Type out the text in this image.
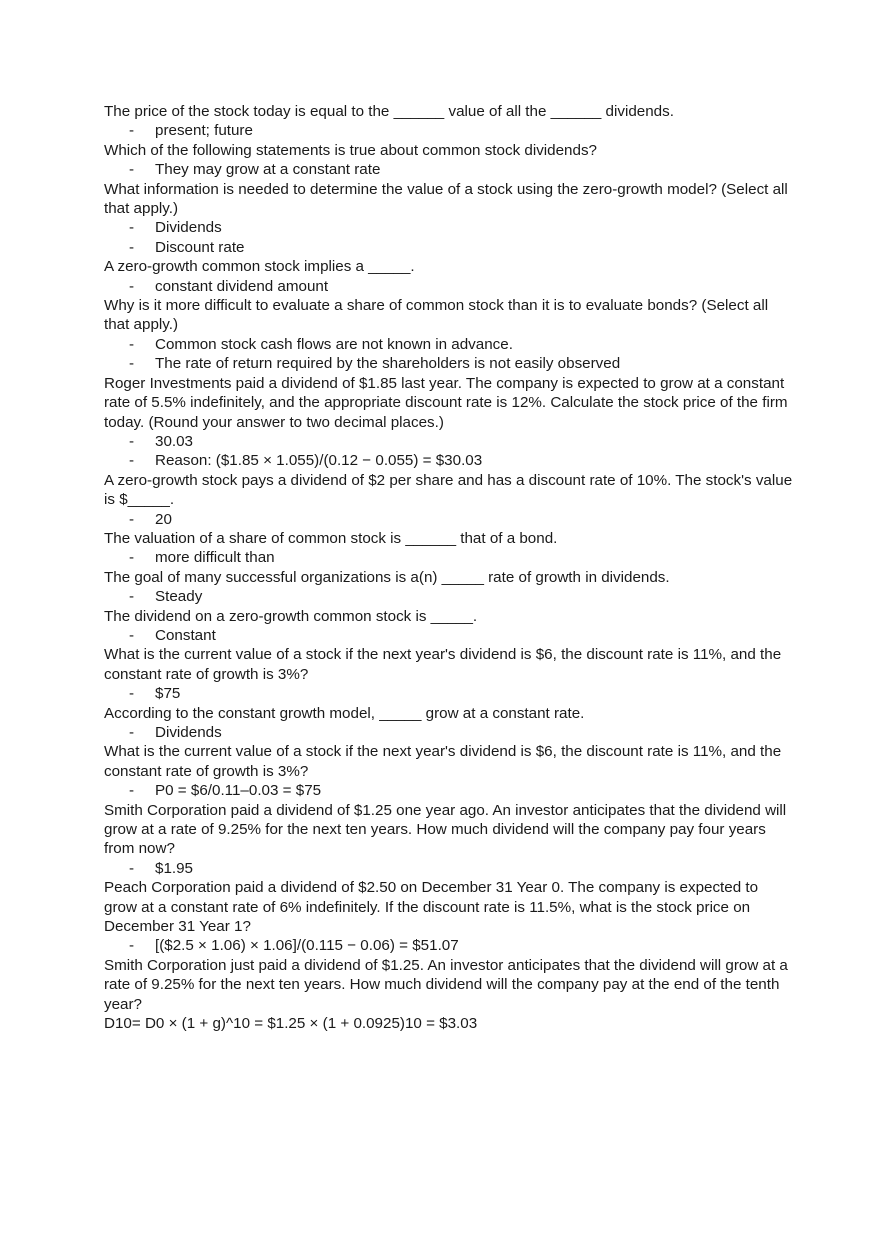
The price of the stock today is equal to the ______ value of all the ______ dividends.

- present; future

Which of the following statements is true about common stock dividends?

- They may grow at a constant rate

What information is needed to determine the value of a stock using the zero-growth model? (Select all that apply.)

- Dividends
- Discount rate

A zero-growth common stock implies a _____.

- constant dividend amount

Why is it more difficult to evaluate a share of common stock than it is to evaluate bonds? (Select all that apply.)

- Common stock cash flows are not known in advance.
- The rate of return required by the shareholders is not easily observed

Roger Investments paid a dividend of $1.85 last year. The company is expected to grow at a constant rate of 5.5% indefinitely, and the appropriate discount rate is 12%. Calculate the stock price of the firm today. (Round your answer to two decimal places.)

- 30.03
- Reason: ($1.85 × 1.055)/(0.12 − 0.055) = $30.03

A zero-growth stock pays a dividend of $2 per share and has a discount rate of 10%. The stock's value is $_____.

- 20

The valuation of a share of common stock is ______ that of a bond.

- more difficult than

The goal of many successful organizations is a(n) _____ rate of growth in dividends.

- Steady

The dividend on a zero-growth common stock is _____.

- Constant

What is the current value of a stock if the next year's dividend is $6, the discount rate is 11%, and the constant rate of growth is 3%?

- $75

According to the constant growth model, _____ grow at a constant rate.

- Dividends

What is the current value of a stock if the next year's dividend is $6, the discount rate is 11%, and the constant rate of growth is 3%?

- P0 = $6/0.11–0.03 = $75

Smith Corporation paid a dividend of $1.25 one year ago. An investor anticipates that the dividend will grow at a rate of 9.25% for the next ten years. How much dividend will the company pay four years from now?

- $1.95

Peach Corporation paid a dividend of $2.50 on December 31 Year 0. The company is expected to grow at a constant rate of 6% indefinitely. If the discount rate is 11.5%, what is the stock price on December 31 Year 1?

- [($2.5 × 1.06) × 1.06]/(0.115 − 0.06) = $51.07

Smith Corporation just paid a dividend of $1.25. An investor anticipates that the dividend will grow at a rate of 9.25% for the next ten years. How much dividend will the company pay at the end of the tenth year?

D10= D0 × (1 + g)^10 = $1.25 × (1 + 0.0925)10 = $3.03
